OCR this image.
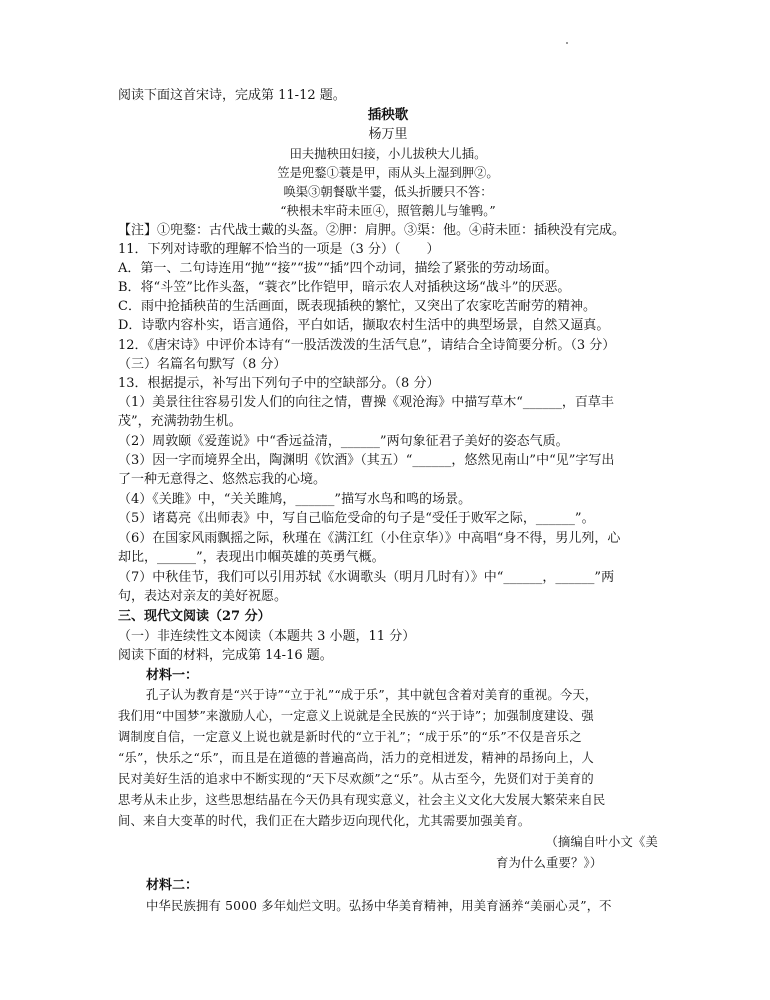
阅读下面这首宋诗，完成第 11-12 题。
插秧歌
杨万里
田夫抛秧田妇接，小儿拔秧大儿插。
笠是兜鍪①蓑是甲，雨从头上湿到胛②。
唤渠③朝餐歇半霎，低头折腰只不答：
“秧根未牢莳未匝④，照管鹅儿与雏鸭。”
【注】①兜鍪：古代战士戴的头盔。②胛：肩胛。③渠：他。④莳未匝：插秧没有完成。
11．下列对诗歌的理解不恰当的一项是（3 分）（　　）
A．第一、二句诗连用“抛”“接”“拔”“插”四个动词，描绘了紧张的劳动场面。
B．将“斗笠”比作头盔，“蓑衣”比作铠甲，暗示农人对插秧这场“战斗”的厌恶。
C．雨中抢插秧苗的生活画面，既表现插秧的繁忙，又突出了农家吃苦耐劳的精神。
D．诗歌内容朴实，语言通俗，平白如话，撷取农村生活中的典型场景，自然又逼真。
12．《唐宋诗》中评价本诗有“一股活泼泼的生活气息”，请结合全诗简要分析。（3 分）
（三）名篇名句默写（8 分）
13．根据提示，补写出下列句子中的空缺部分。（8 分）
（1）美景往往容易引发人们的向往之情，曹操《观沧海》中描写草木“______，百草丰
茂”，充满勃勃生机。
（2）周敦颐《爱莲说》中“香远益清，______”两句象征君子美好的姿态气质。
（3）因一字而境界全出，陶渊明《饮酒》（其五）“______，悠然见南山”中“见”字写出
了一种无意得之、悠然忘我的心境。
（4）《关雎》中，“关关雎鸠，______”描写水鸟和鸣的场景。
（5）诸葛亮《出师表》中，写自己临危受命的句子是“受任于败军之际，______”。
（6）在国家风雨飘摇之际，秋瑾在《满江红（小住京华）》中高唱“身不得，男儿列，心
却比，______”，表现出巾帼英雄的英勇气概。
（7）中秋佳节，我们可以引用苏轼《水调歌头（明月几时有）》中“______，______”两
句，表达对亲友的美好祝愿。
三、现代文阅读（27 分）
（一）非连续性文本阅读（本题共 3 小题，11 分）
阅读下面的材料，完成第 14-16 题。
材料一：
孔子认为教育是“兴于诗”“立于礼”“成于乐”，其中就包含着对美育的重视。今天，
我们用“中国梦”来激励人心，一定意义上说就是全民族的“兴于诗”；加强制度建设、强
调制度自信，一定意义上说也就是新时代的“立于礼”；“成于乐”的“乐”不仅是音乐之
“乐”，快乐之“乐”，而且是在道德的普遍高尚，活力的竞相迸发，精神的昂扬向上，人
民对美好生活的追求中不断实现的“天下尽欢颜”之“乐”。从古至今，先贤们对于美育的
思考从未止步，这些思想结晶在今天仍具有现实意义，社会主义文化大发展大繁荣来自民
间、来自大变革的时代，我们正在大踏步迈向现代化，尤其需要加强美育。
（摘编自叶小文《美
育为什么重要？》）
材料二：
中华民族拥有 5000 多年灿烂文明。弘扬中华美育精神，用美育涵养“美丽心灵”，不
